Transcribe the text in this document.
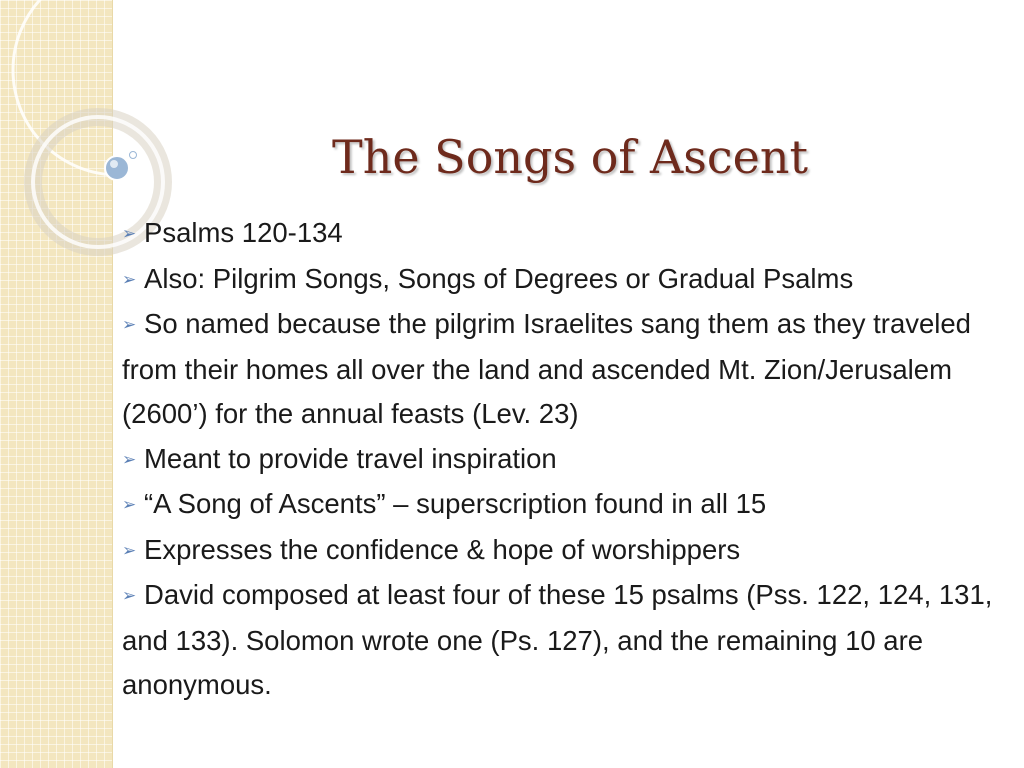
The Songs of Ascent

➢ Psalms 120-134

➢ Also: Pilgrim Songs, Songs of Degrees or Gradual Psalms

➢ So named because the pilgrim Israelites sang them as they traveled from their homes all over the land and ascended Mt. Zion/Jerusalem (2600’) for the annual feasts (Lev. 23)

➢ Meant to provide travel inspiration

➢ “A Song of Ascents” – superscription found in all 15

➢ Expresses the confidence & hope of worshippers

➢ David composed at least four of these 15 psalms (Pss. 122, 124, 131, and 133). Solomon wrote one (Ps. 127), and the remaining 10 are anonymous.
